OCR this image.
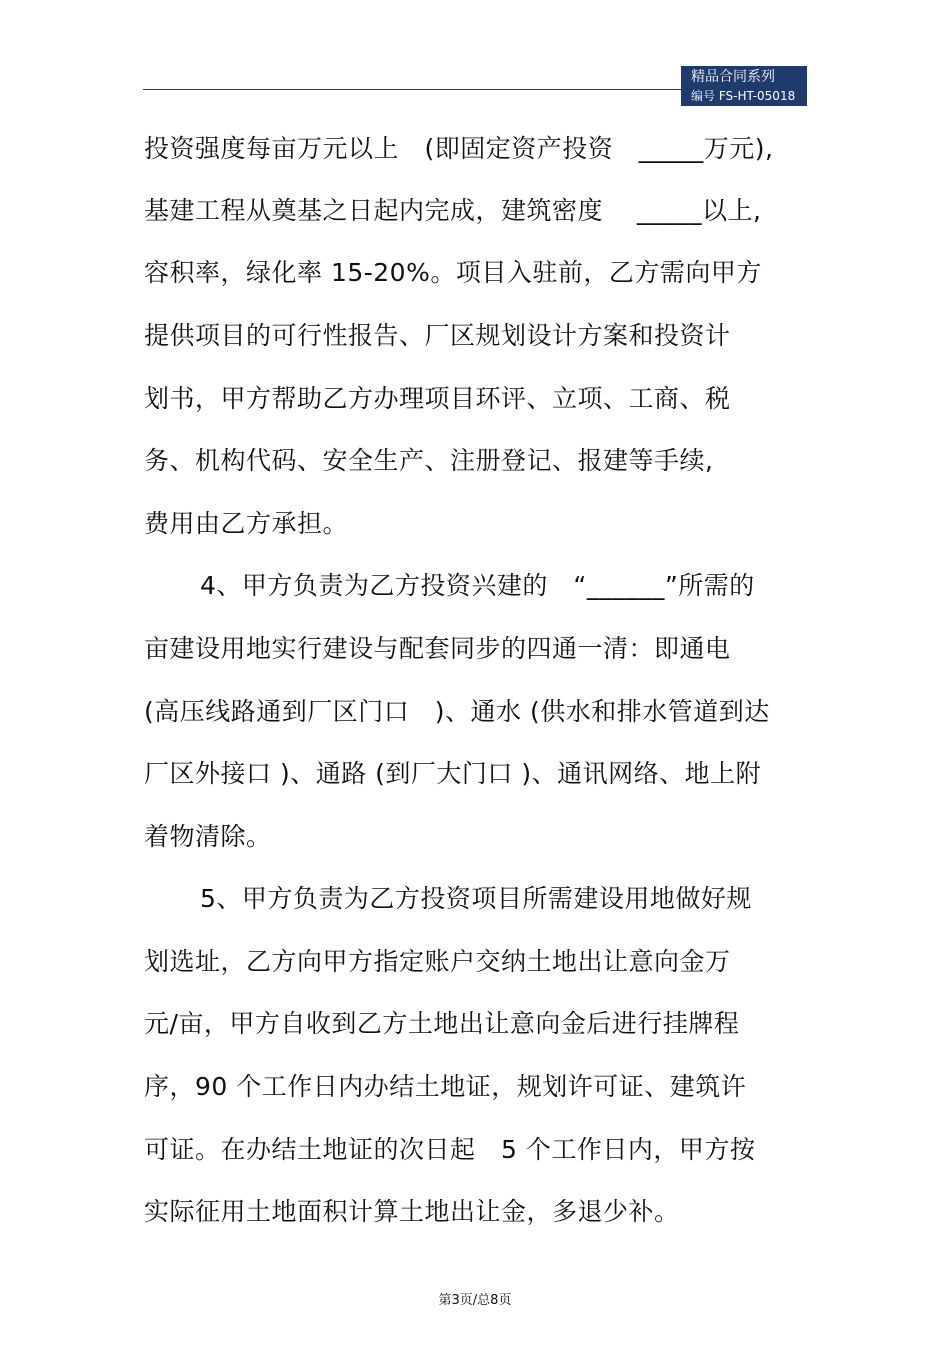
精品合同系列
编号 FS-HT-05018
投资强度每亩万元以上　(即固定资产投资　_____万元),
基建工程从奠基之日起内完成，建筑密度　 _____以上,
容积率，绿化率 15-20%。项目入驻前，乙方需向甲方
提供项目的可行性报告、厂区规划设计方案和投资计
划书，甲方帮助乙方办理项目环评、立项、工商、税
务、机构代码、安全生产、注册登记、报建等手续,
费用由乙方承担。
4、甲方负责为乙方投资兴建的　“______”所需的
亩建设用地实行建设与配套同步的四通一清：即通电
(高压线路通到厂区门口　)、通水 (供水和排水管道到达
厂区外接口 )、通路 (到厂大门口 )、通讯网络、地上附
着物清除。
5、甲方负责为乙方投资项目所需建设用地做好规
划选址，乙方向甲方指定账户交纳土地出让意向金万
元/亩，甲方自收到乙方土地出让意向金后进行挂牌程
序，90 个工作日内办结土地证，规划许可证、建筑许
可证。在办结土地证的次日起　5 个工作日内，甲方按
实际征用土地面积计算土地出让金，多退少补。
第3页/总8页
